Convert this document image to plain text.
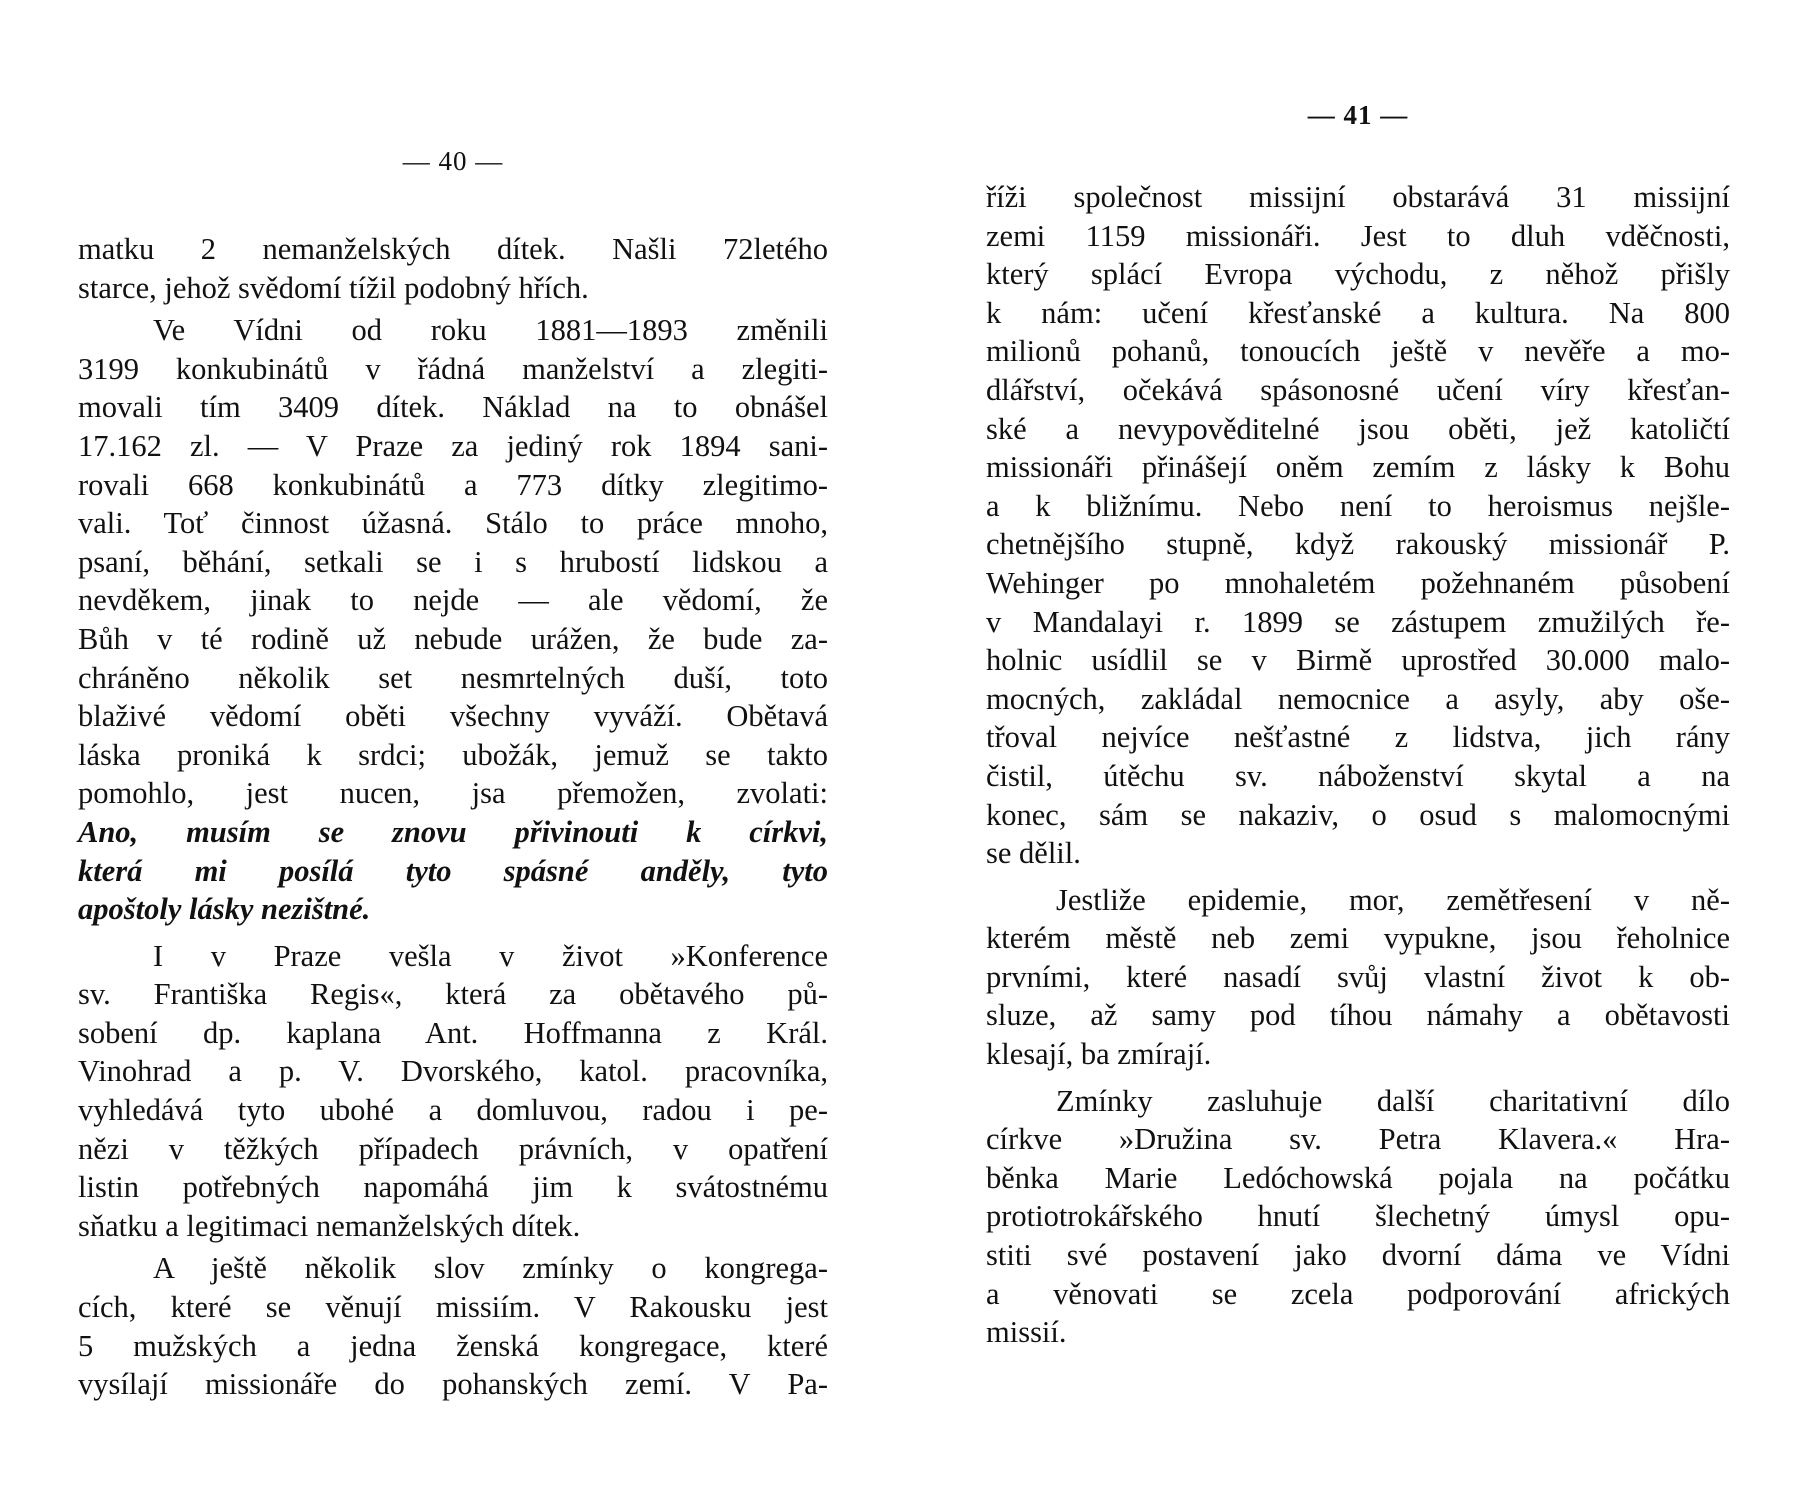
— 40 —
matku 2 nemanželských dítek. Našli 72letého
starce, jehož svědomí tížil podobný hřích.
Ve Vídni od roku 1881—1893 změnili
3199 konkubinátů v řádná manželství a zlegiti-
movali tím 3409 dítek. Náklad na to obnášel
17.162 zl. — V Praze za jediný rok 1894 sani-
rovali 668 konkubinátů a 773 dítky zlegitimo-
vali. Toť činnost úžasná. Stálo to práce mnoho,
psaní, běhání, setkali se i s hrubostí lidskou a
nevděkem, jinak to nejde — ale vědomí, že
Bůh v té rodině už nebude urážen, že bude za-
chráněno několik set nesmrtelných duší, toto
blaživé vědomí oběti všechny vyváží. Obětavá
láska proniká k srdci; ubožák, jemuž se takto
pomohlo, jest nucen, jsa přemožen, zvolati:
Ano, musím se znovu přivinouti k církvi,
která mi posílá tyto spásné anděly, tyto
apoštoly lásky nezištné.
I v Praze vešla v život »Konference
sv. Františka Regis«, která za obětavého pů-
sobení dp. kaplana Ant. Hoffmanna z Král.
Vinohrad a p. V. Dvorského, katol. pracovníka,
vyhledává tyto ubohé a domluvou, radou i pe-
nězi v těžkých případech právních, v opatření
listin potřebných napomáhá jim k svátostnému
sňatku a legitimaci nemanželských dítek.
A ještě několik slov zmínky o kongrega-
cích, které se věnují missiím. V Rakousku jest
5 mužských a jedna ženská kongregace, které
vysílají missionáře do pohanských zemí. V Pa-
— 41 —
říži společnost missijní obstarává 31 missijní
zemi 1159 missionáři. Jest to dluh vděčnosti,
který splácí Evropa východu, z něhož přišly
k nám: učení křesťanské a kultura. Na 800
milionů pohanů, tonoucích ještě v nevěře a mo-
dlářství, očekává spásonosné učení víry křesťan-
ské a nevypověditelné jsou oběti, jež katoličtí
missionáři přinášejí oněm zemím z lásky k Bohu
a k bližnímu. Nebo není to heroismus nejšle-
chetnějšího stupně, když rakouský missionář P.
Wehinger po mnohaletém požehnaném působení
v Mandalayi r. 1899 se zástupem zmužilých ře-
holnic usídlil se v Birmě uprostřed 30.000 malo-
mocných, zakládal nemocnice a asyly, aby oše-
třoval nejvíce nešťastné z lidstva, jich rány
čistil, útěchu sv. náboženství skytal a na
konec, sám se nakaziv, o osud s malomocnými
se dělil.
Jestliže epidemie, mor, zemětřesení v ně-
kterém městě neb zemi vypukne, jsou řeholnice
prvními, které nasadí svůj vlastní život k ob-
sluze, až samy pod tíhou námahy a obětavosti
klesají, ba zmírají.
Zmínky zasluhuje další charitativní dílo
církve »Družina sv. Petra Klavera.« Hra-
běnka Marie Ledóchowská pojala na počátku
protiotrokářského hnutí šlechetný úmysl opu-
stiti své postavení jako dvorní dáma ve Vídni
a věnovati se zcela podporování afrických
missií.
